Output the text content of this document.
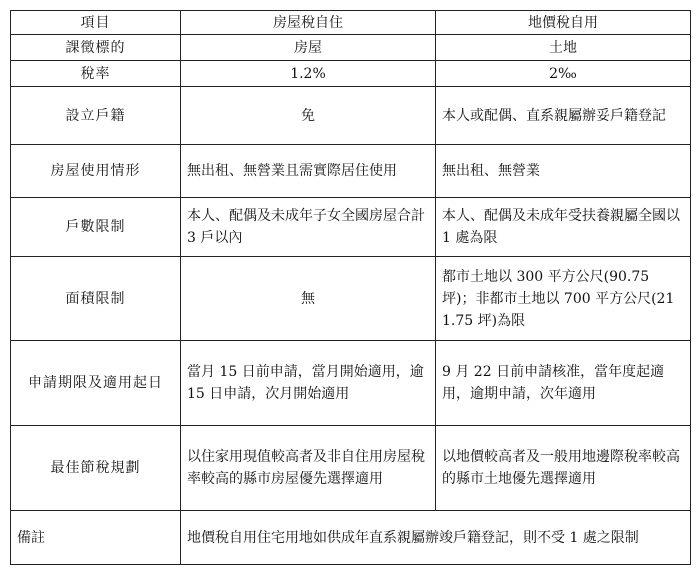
項目	房屋稅自住	地價稅自用
課徵標的	房屋	土地
稅率	1.2%	2‰
設立戶籍	免	本人或配偶、直系親屬辦妥戶籍登記
房屋使用情形	無出租、無營業且需實際居住使用	無出租、無營業
戶數限制	本人、配偶及未成年子女全國房屋合計 3 戶以內	本人、配偶及未成年受扶養親屬全國以 1 處為限
面積限制	無	都市土地以 300 平方公尺(90.75 坪)；非都市土地以 700 平方公尺(211.75 坪)為限
申請期限及適用起日	當月 15 日前申請，當月開始適用，逾 15 日申請，次月開始適用	9 月 22 日前申請核准，當年度起適用，逾期申請，次年適用
最佳節稅規劃	以住家用現值較高者及非自住用房屋稅率較高的縣市房屋優先選擇適用	以地價較高者及一般用地邊際稅率較高的縣市土地優先選擇適用
備註	地價稅自用住宅用地如供成年直系親屬辦竣戶籍登記，則不受 1 處之限制	
